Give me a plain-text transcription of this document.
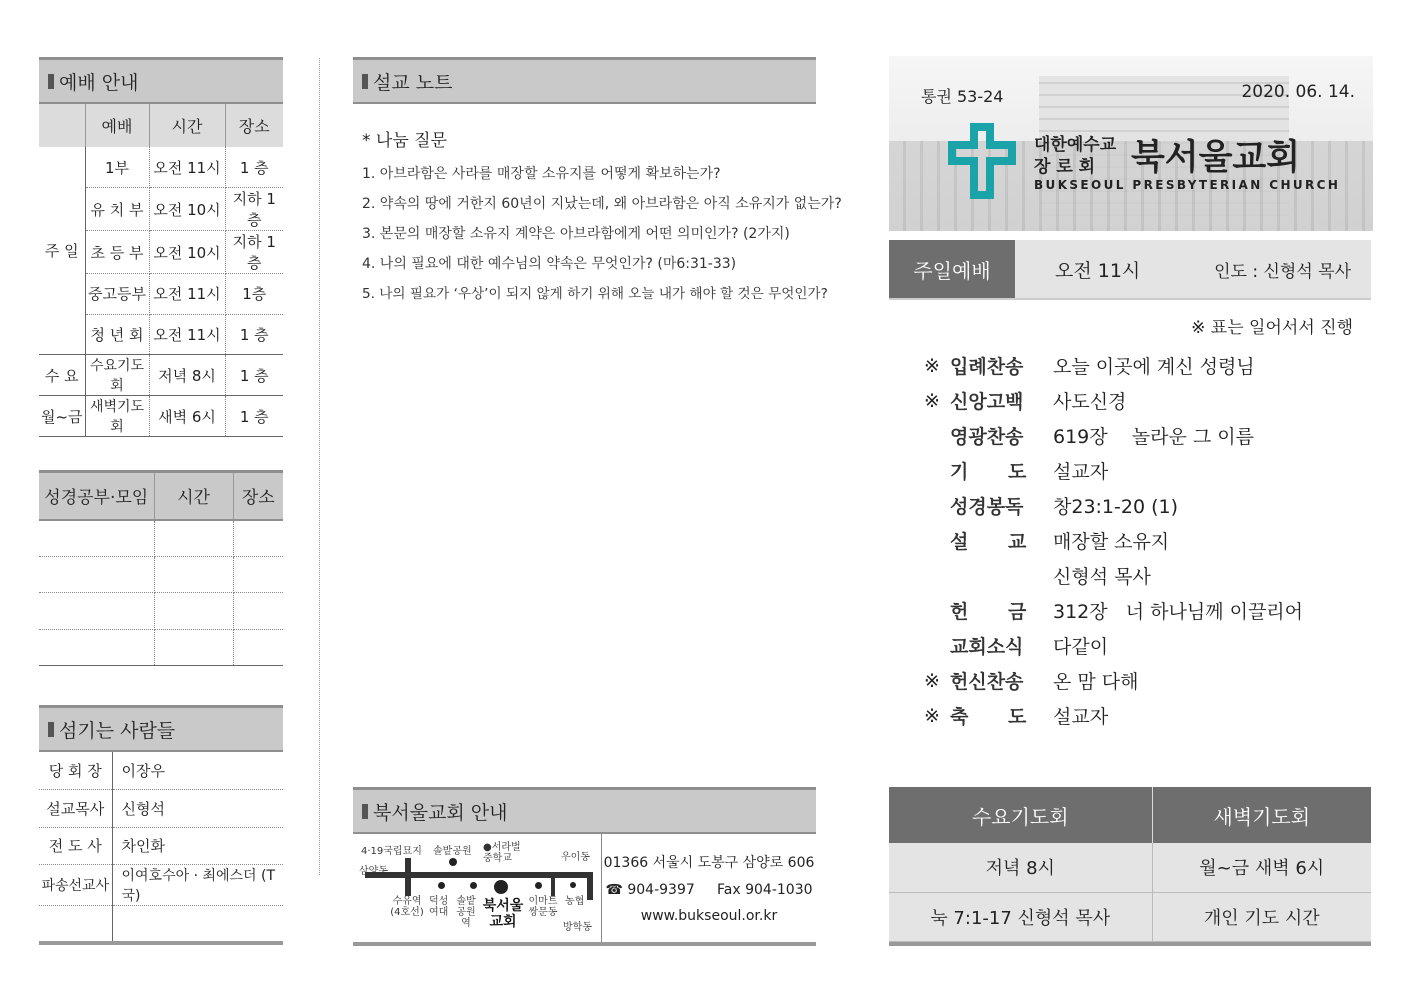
예배 안내
	예배	시간	장소
주 일	1부	오전 11시	1 층
	유 치 부	오전 10시	지하 1층
	초 등 부	오전 10시	지하 1층
	중고등부	오전 11시	1층
	청 년 회	오전 11시	1 층
수 요	수요기도회	저녁 8시	1 층
월~금	새벽기도회	새벽 6시	1 층
성경공부·모임	시간	장소

섬기는 사람들
당 회 장	이장우
설교목사	신형석
전 도 사	차인화
파송선교사	이여호수아 · 최에스더 (T국)

설교 노트
* 나눔 질문
1. 아브라함은 사라를 매장할 소유지를 어떻게 확보하는가?
2. 약속의 땅에 거한지 60년이 지났는데, 왜 아브라함은 아직 소유지가 없는가?
3. 본문의 매장할 소유지 계약은 아브라함에게 어떤 의미인가? (2가지)
4. 나의 필요에 대한 예수님의 약속은 무엇인가? (마6:31-33)
5. 나의 필요가 ‘우상’이 되지 않게 하기 위해 오늘 내가 해야 할 것은 무엇인가?
북서울교회 안내
4·19국립묘지 솔밭공원 ●서라벌 중학교	우이동
삼양동
수유역 (4호선)
덕성 여대
솔밭 공원 역
북서울 교회
이마트 쌍문동
농협
방학동
01366 서울시 도봉구 삼양로 606
☎ 904-9397 Fax 904-1030
www.bukseoul.or.kr
통권 53-24	2020. 06. 14.
대한예수교 장 로 회	북서울교회
BUKSEOUL PRESBYTERIAN CHURCH
주일예배	오전 11시	인도 : 신형석 목사
※ 표는 일어서서 진행
※ 입례찬송	오늘 이곳에 계신 성령님
※ 신앙고백	사도신경
영광찬송	619장    놀라운 그 이름
기      도	설교자
성경봉독	창23:1-20 (1)
설      교	매장할 소유지
신형석 목사
헌      금	312장   너 하나님께 이끌리어
교회소식	다같이
※ 헌신찬송	온 맘 다해
※ 축      도	설교자
수요기도회	새벽기도회
저녁 8시	월~금 새벽 6시
눅 7:1-17 신형석 목사	개인 기도 시간
